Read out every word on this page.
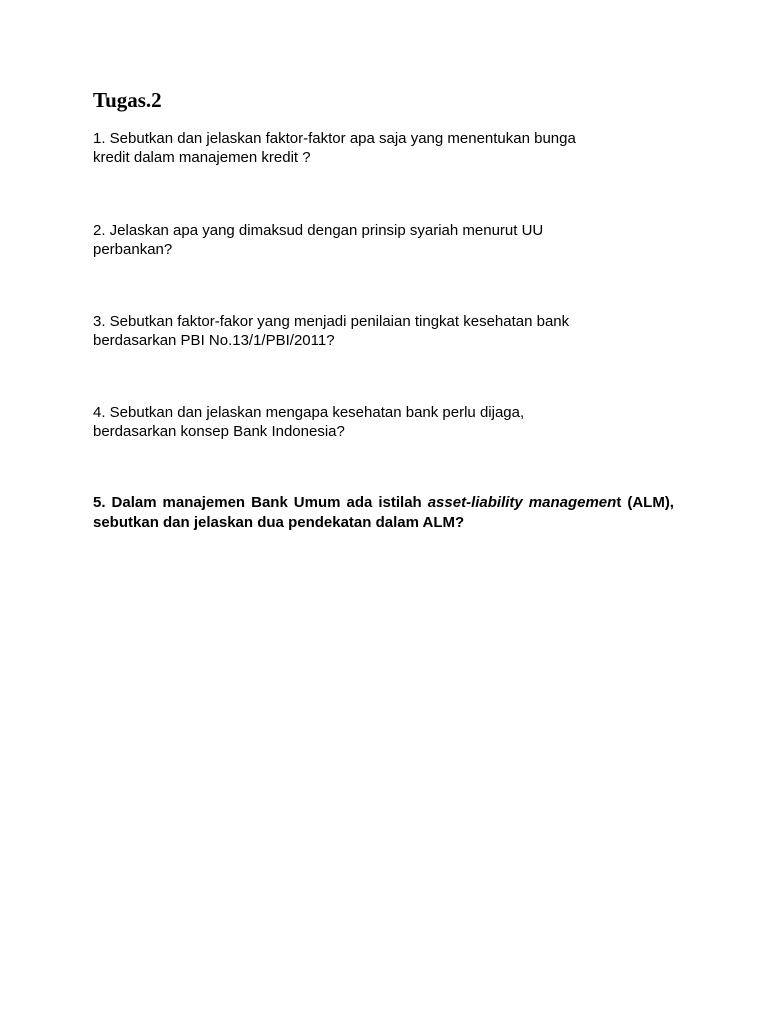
Tugas.2

1. Sebutkan dan jelaskan faktor-faktor apa saja yang menentukan bunga
kredit dalam manajemen kredit ?

2. Jelaskan apa yang dimaksud dengan prinsip syariah menurut UU
perbankan?

3. Sebutkan faktor-fakor yang menjadi penilaian tingkat kesehatan bank
berdasarkan PBI No.13/1/PBI/2011?

4. Sebutkan dan jelaskan mengapa kesehatan bank perlu dijaga,
berdasarkan konsep Bank Indonesia?

5. Dalam manajemen Bank Umum ada istilah asset-liability management (ALM), sebutkan dan jelaskan dua pendekatan dalam ALM?
